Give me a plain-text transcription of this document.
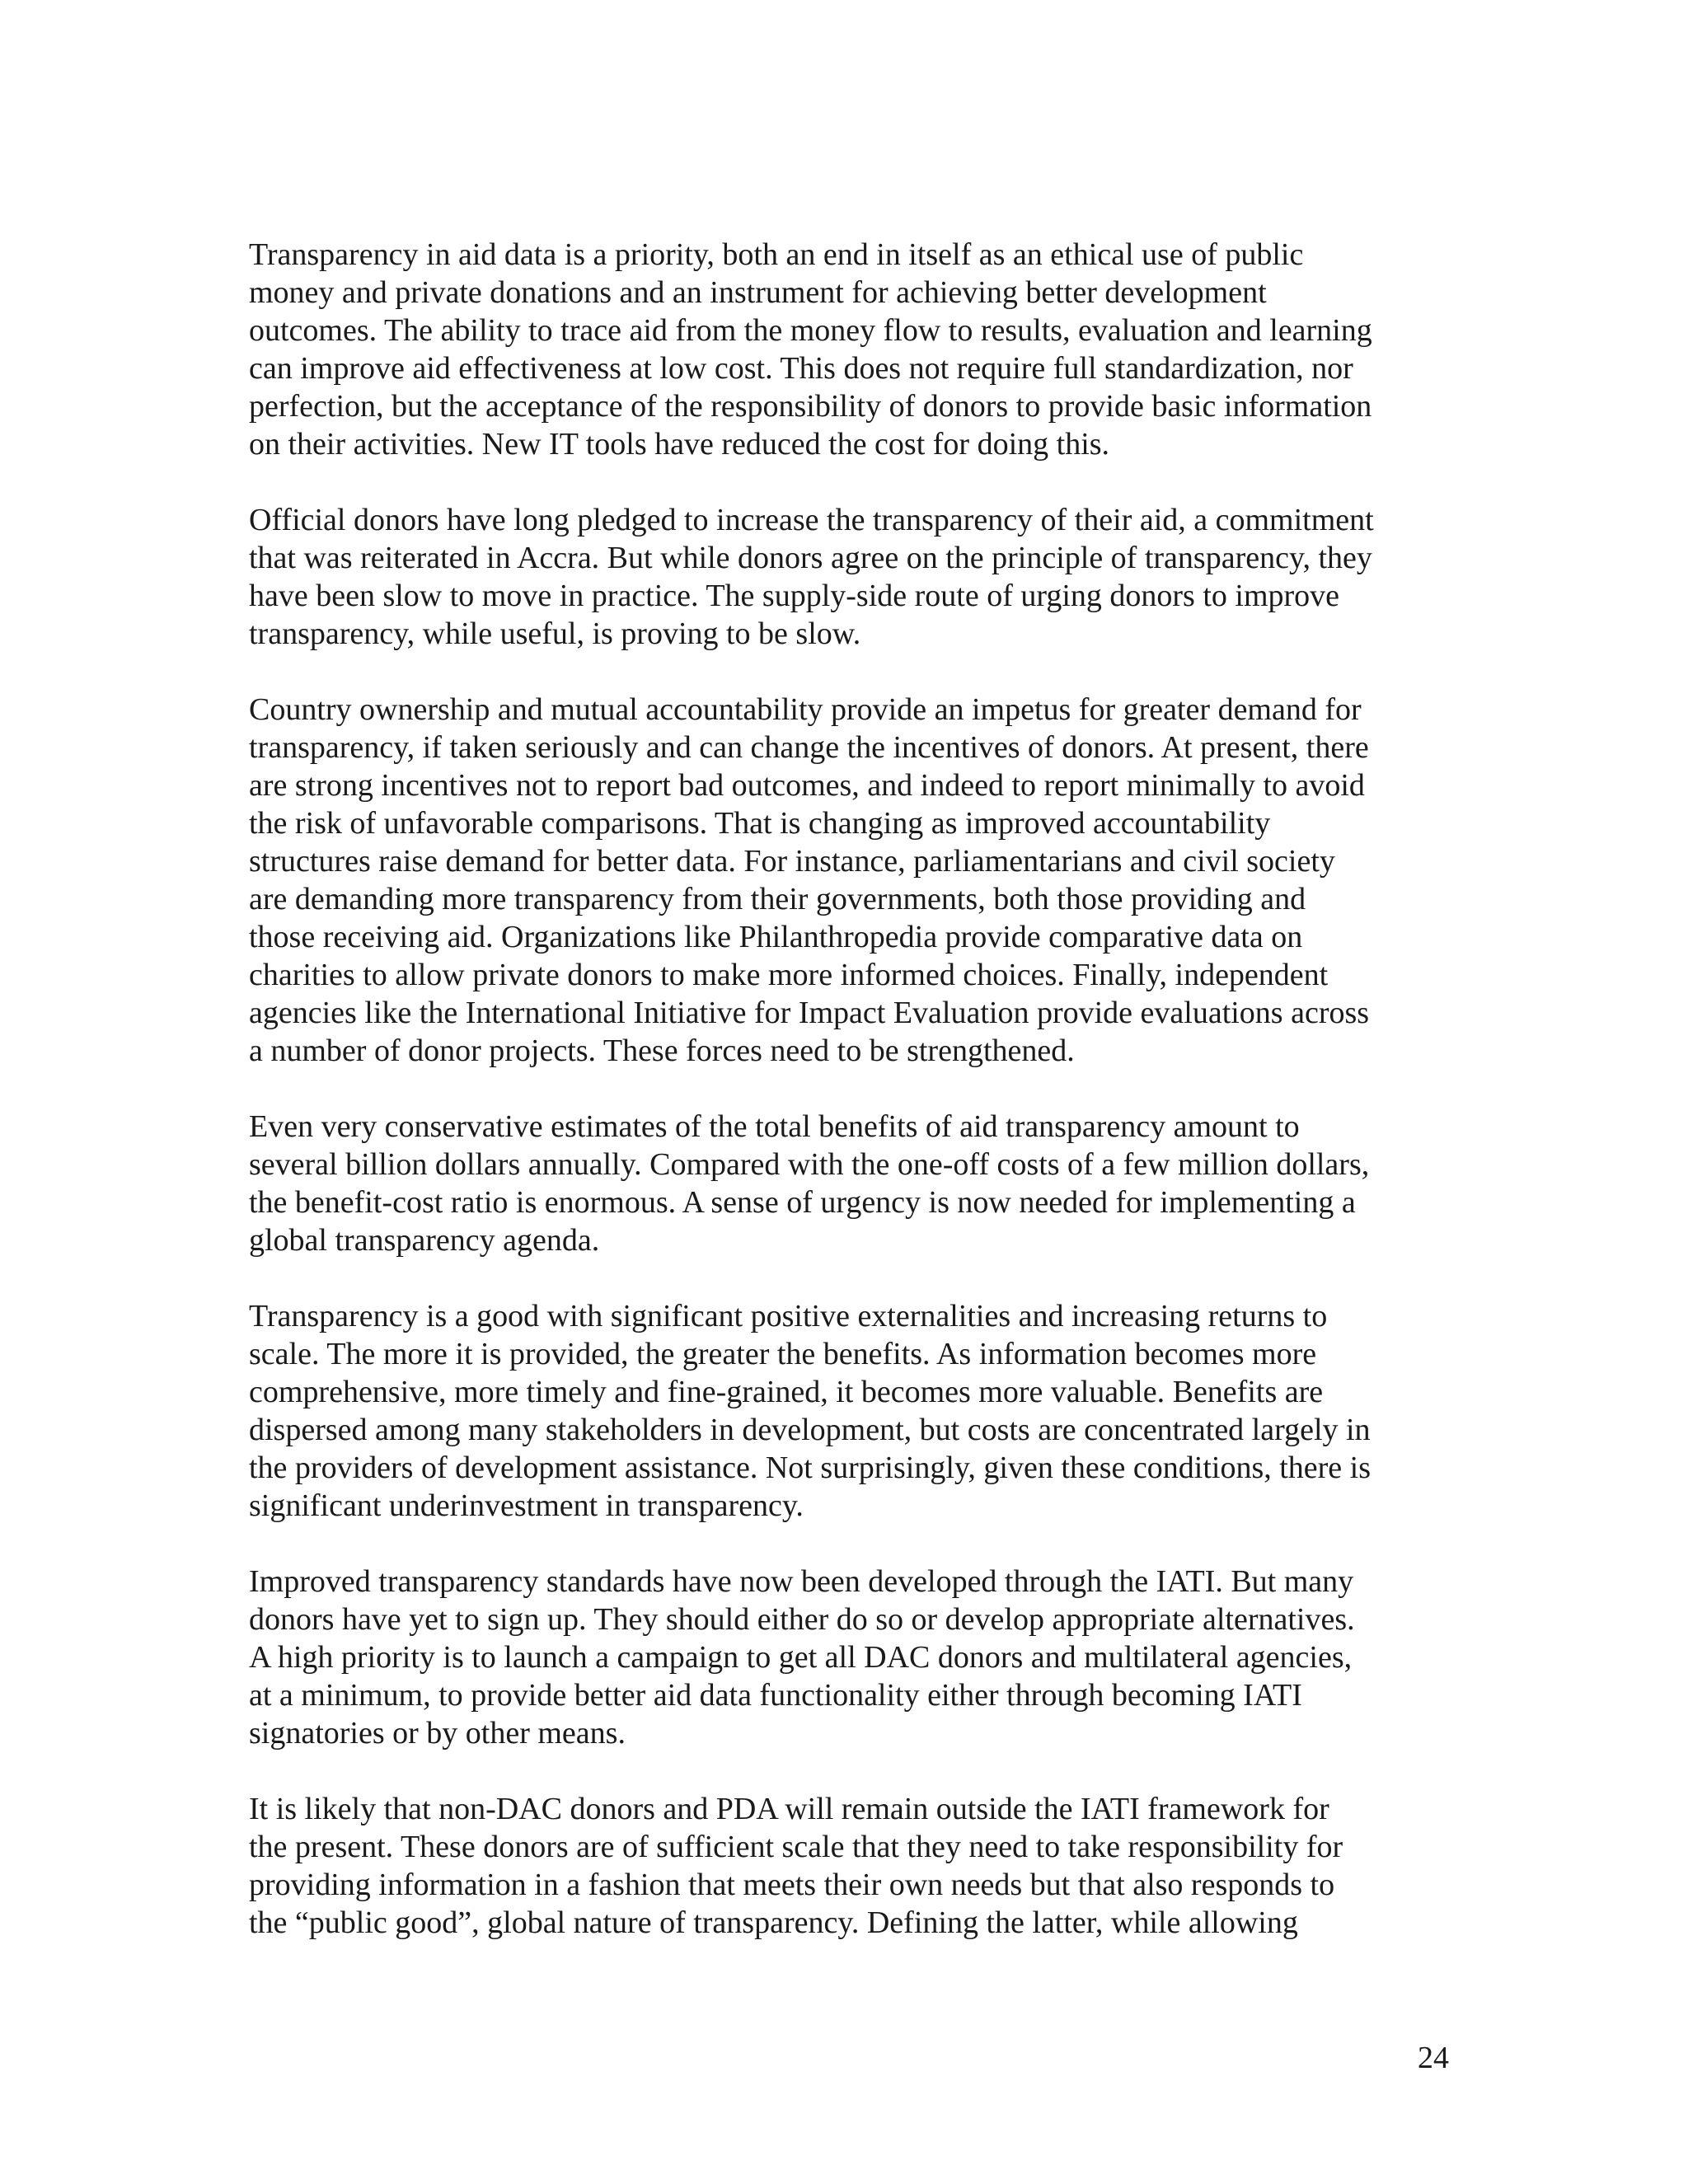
Transparency in aid data is a priority, both an end in itself as an ethical use of public
money and private donations and an instrument for achieving better development
outcomes. The ability to trace aid from the money flow to results, evaluation and learning
can improve aid effectiveness at low cost. This does not require full standardization, nor
perfection, but the acceptance of the responsibility of donors to provide basic information
on their activities. New IT tools have reduced the cost for doing this.

Official donors have long pledged to increase the transparency of their aid, a commitment
that was reiterated in Accra. But while donors agree on the principle of transparency, they
have been slow to move in practice. The supply-side route of urging donors to improve
transparency, while useful, is proving to be slow.

Country ownership and mutual accountability provide an impetus for greater demand for
transparency, if taken seriously and can change the incentives of donors. At present, there
are strong incentives not to report bad outcomes, and indeed to report minimally to avoid
the risk of unfavorable comparisons. That is changing as improved accountability
structures raise demand for better data. For instance, parliamentarians and civil society
are demanding more transparency from their governments, both those providing and
those receiving aid. Organizations like Philanthropedia provide comparative data on
charities to allow private donors to make more informed choices. Finally, independent
agencies like the International Initiative for Impact Evaluation provide evaluations across
a number of donor projects. These forces need to be strengthened.

Even very conservative estimates of the total benefits of aid transparency amount to
several billion dollars annually. Compared with the one-off costs of a few million dollars,
the benefit-cost ratio is enormous. A sense of urgency is now needed for implementing a
global transparency agenda.

Transparency is a good with significant positive externalities and increasing returns to
scale. The more it is provided, the greater the benefits. As information becomes more
comprehensive, more timely and fine-grained, it becomes more valuable. Benefits are
dispersed among many stakeholders in development, but costs are concentrated largely in
the providers of development assistance. Not surprisingly, given these conditions, there is
significant underinvestment in transparency.

Improved transparency standards have now been developed through the IATI. But many
donors have yet to sign up. They should either do so or develop appropriate alternatives.
A high priority is to launch a campaign to get all DAC donors and multilateral agencies,
at a minimum, to provide better aid data functionality either through becoming IATI
signatories or by other means.

It is likely that non-DAC donors and PDA will remain outside the IATI framework for
the present. These donors are of sufficient scale that they need to take responsibility for
providing information in a fashion that meets their own needs but that also responds to
the “public good”, global nature of transparency. Defining the latter, while allowing

24
